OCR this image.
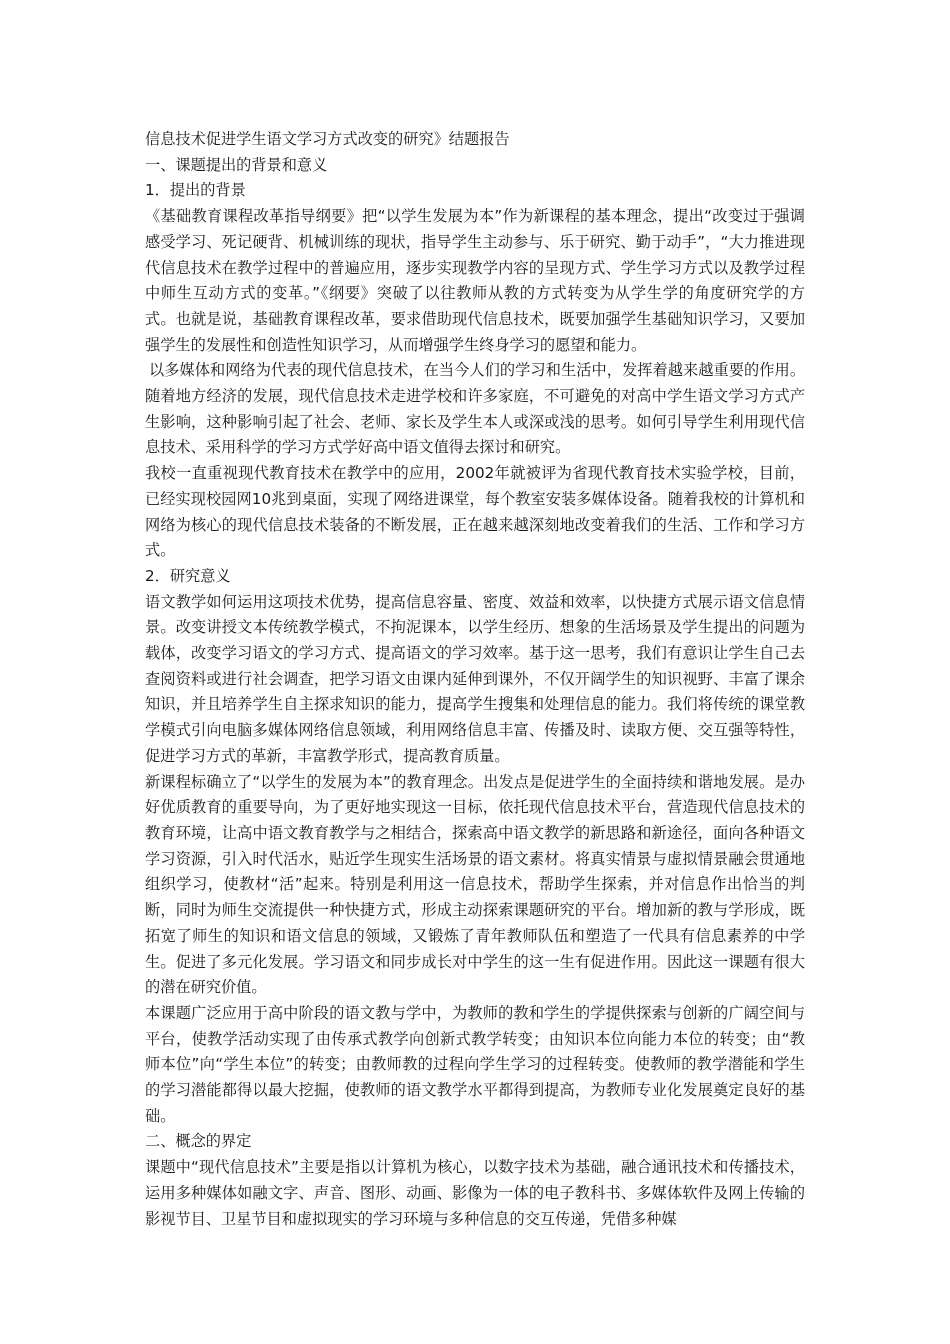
信息技术促进学生语文学习方式改变的研究》结题报告

一、课题提出的背景和意义

1．提出的背景

《基础教育课程改革指导纲要》把“以学生发展为本”作为新课程的基本理念，提出“改变过于强调感受学习、死记硬背、机械训练的现状，指导学生主动参与、乐于研究、勤于动手”，“大力推进现代信息技术在教学过程中的普遍应用，逐步实现教学内容的呈现方式、学生学习方式以及教学过程中师生互动方式的变革。”《纲要》突破了以往教师从教的方式转变为从学生学的角度研究学的方式。也就是说，基础教育课程改革，要求借助现代信息技术，既要加强学生基础知识学习，又要加强学生的发展性和创造性知识学习，从而增强学生终身学习的愿望和能力。

以多媒体和网络为代表的现代信息技术，在当今人们的学习和生活中，发挥着越来越重要的作用。随着地方经济的发展，现代信息技术走进学校和许多家庭，不可避免的对高中学生语文学习方式产生影响，这种影响引起了社会、老师、家长及学生本人或深或浅的思考。如何引导学生利用现代信息技术、采用科学的学习方式学好高中语文值得去探讨和研究。

我校一直重视现代教育技术在教学中的应用，2002年就被评为省现代教育技术实验学校，目前，已经实现校园网10兆到桌面，实现了网络进课堂，每个教室安装多媒体设备。随着我校的计算机和网络为核心的现代信息技术装备的不断发展，正在越来越深刻地改变着我们的生活、工作和学习方式。

2．研究意义

语文教学如何运用这项技术优势，提高信息容量、密度、效益和效率，以快捷方式展示语文信息情景。改变讲授文本传统教学模式，不拘泥课本，以学生经历、想象的生活场景及学生提出的问题为载体，改变学习语文的学习方式、提高语文的学习效率。基于这一思考，我们有意识让学生自己去查阅资料或进行社会调查，把学习语文由课内延伸到课外，不仅开阔学生的知识视野、丰富了课余知识，并且培养学生自主探求知识的能力，提高学生搜集和处理信息的能力。我们将传统的课堂教学模式引向电脑多媒体网络信息领域，利用网络信息丰富、传播及时、读取方便、交互强等特性，促进学习方式的革新，丰富教学形式，提高教育质量。

新课程标确立了“以学生的发展为本”的教育理念。出发点是促进学生的全面持续和谐地发展。是办好优质教育的重要导向，为了更好地实现这一目标，依托现代信息技术平台，营造现代信息技术的教育环境，让高中语文教育教学与之相结合，探索高中语文教学的新思路和新途径，面向各种语文学习资源，引入时代活水，贴近学生现实生活场景的语文素材。将真实情景与虚拟情景融会贯通地组织学习，使教材“活”起来。特别是利用这一信息技术，帮助学生探索，并对信息作出恰当的判断，同时为师生交流提供一种快捷方式，形成主动探索课题研究的平台。增加新的教与学形成，既拓宽了师生的知识和语文信息的领域，又锻炼了青年教师队伍和塑造了一代具有信息素养的中学生。促进了多元化发展。学习语文和同步成长对中学生的这一生有促进作用。因此这一课题有很大的潜在研究价值。

本课题广泛应用于高中阶段的语文教与学中，为教师的教和学生的学提供探索与创新的广阔空间与平台，使教学活动实现了由传承式教学向创新式教学转变；由知识本位向能力本位的转变；由“教师本位”向“学生本位”的转变；由教师教的过程向学生学习的过程转变。使教师的教学潜能和学生的学习潜能都得以最大挖掘，使教师的语文教学水平都得到提高，为教师专业化发展奠定良好的基础。

二、概念的界定

课题中“现代信息技术”主要是指以计算机为核心，以数字技术为基础，融合通讯技术和传播技术，运用多种媒体如融文字、声音、图形、动画、影像为一体的电子教科书、多媒体软件及网上传输的影视节目、卫星节目和虚拟现实的学习环境与多种信息的交互传递，凭借多种媒
